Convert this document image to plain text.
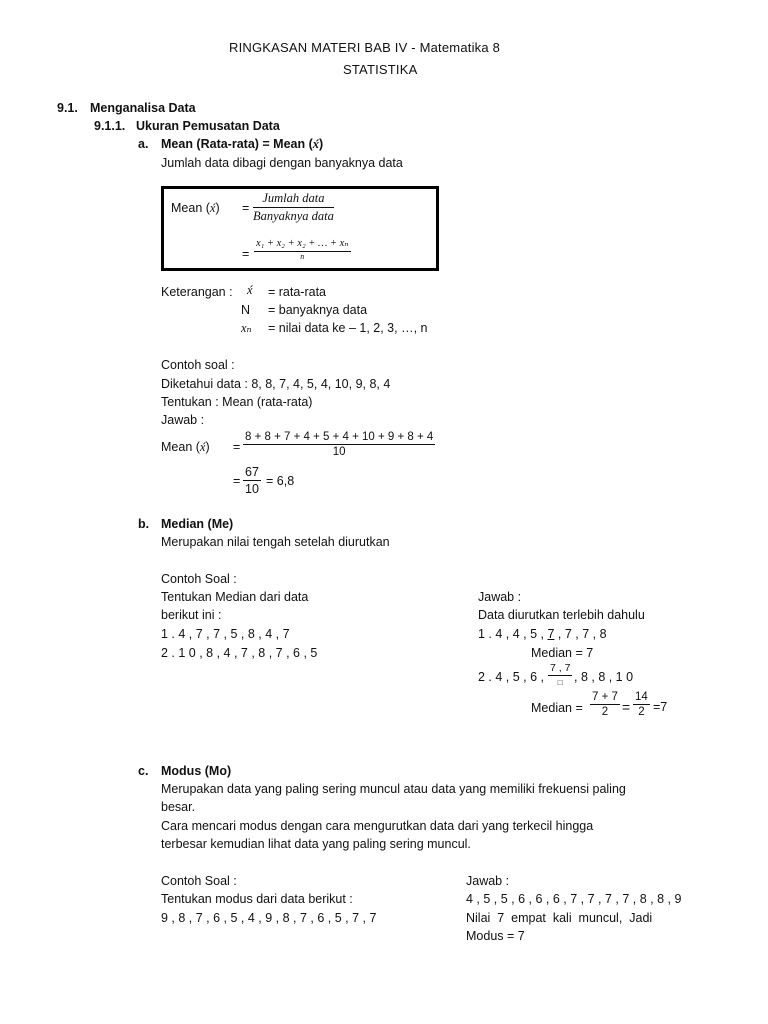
RINGKASAN MATERI BAB IV - Matematika 8
STATISTIKA
9.1. Menganalisa Data
9.1.1. Ukuran Pemusatan Data
a. Mean (Rata-rata) = Mean (x́)
Jumlah data dibagi dengan banyaknya data
Mean (x́) =
Jumlah data
Banyaknya data
=
x₁ + x₂ + x₂ + … + xₙ
n
Keterangan : x́ = rata-rata
N = banyaknya data
xₙ = nilai data ke – 1, 2, 3, …, n
Contoh soal :
Diketahui data : 8, 8, 7, 4, 5, 4, 10, 9, 8, 4
Tentukan : Mean (rata-rata)
Jawab :
Mean (x́) = $\frac{8 + 8 + 7 + 4 + 5 + 4 + 10 + 9 + 8 + 4}{10}$
= $\frac{67}{10} = 6,8$
b. Median (Me)
Merupakan nilai tengah setelah diurutkan
Contoh Soal :
Tentukan Median dari data
berikut ini :
1 . 4 , 7 , 7 , 5 , 8 , 4 , 7
2 . 1 0 , 8 , 4 , 7 , 8 , 7 , 6 , 5
Jawab :
Data diurutkan terlebih dahulu
1 . 4 , 4 , 5 , 7 , 7 , 7 , 8
Median = 7
2 . 4 , 5 , 6 ,
7 , 7
□ , 8 , 8 , 1 0
Median = $\frac{7 + 7}{2} = \frac{14}{2} =7$
c. Modus (Mo)
Merupakan data yang paling sering muncul atau data yang memiliki frekuensi paling
besar.
Cara mencari modus dengan cara mengurutkan data dari yang terkecil hingga
terbesar kemudian lihat data yang paling sering muncul.
Contoh Soal :
Tentukan modus dari data berikut :
9 , 8 , 7 , 6 , 5 , 4 , 9 , 8 , 7 , 6 , 5 , 7 , 7
Jawab :
4 , 5 , 5 , 6 , 6 , 6 , 7 , 7 , 7 , 7 , 8 , 8 , 9
Nilai  7  empat  kali  muncul,  Jadi
Modus = 7
